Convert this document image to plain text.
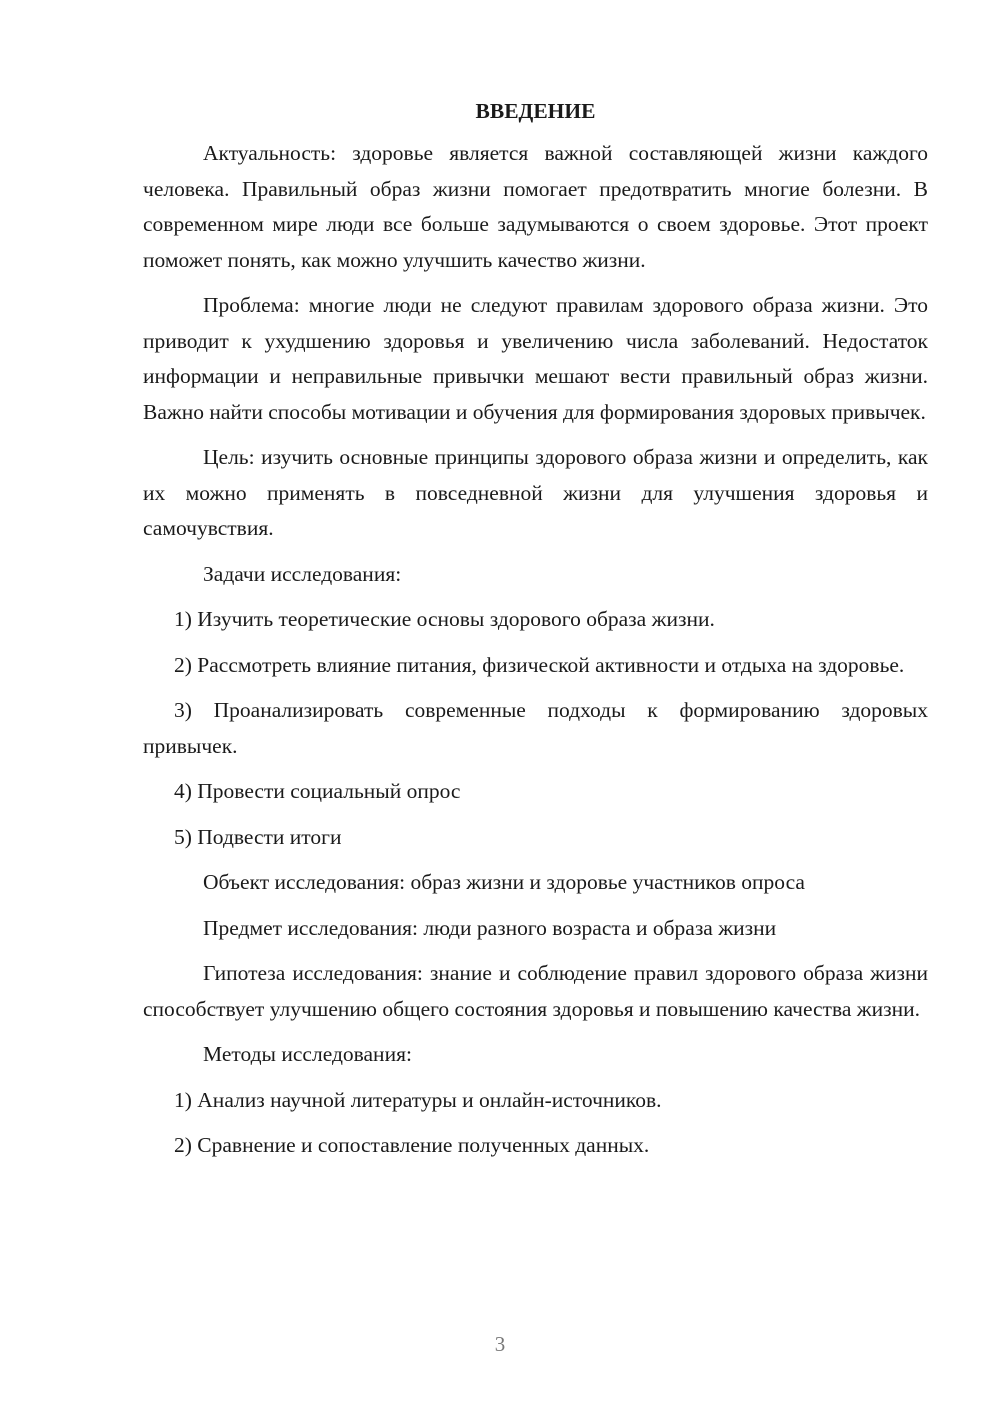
ВВЕДЕНИЕ

Актуальность: здоровье является важной составляющей жизни каждого человека. Правильный образ жизни помогает предотвратить многие болезни. В современном мире люди все больше задумываются о своем здоровье. Этот проект поможет понять, как можно улучшить качество жизни.

Проблема: многие люди не следуют правилам здорового образа жизни. Это приводит к ухудшению здоровья и увеличению числа заболеваний. Недостаток информации и неправильные привычки мешают вести правильный образ жизни. Важно найти способы мотивации и обучения для формирования здоровых привычек.

Цель: изучить основные принципы здорового образа жизни и определить, как их можно применять в повседневной жизни для улучшения здоровья и самочувствия.

Задачи исследования:

1) Изучить теоретические основы здорового образа жизни.

2) Рассмотреть влияние питания, физической активности и отдыха на здоровье.

3) Проанализировать современные подходы к формированию здоровых привычек.

4) Провести социальный опрос

5) Подвести итоги

Объект исследования: образ жизни и здоровье участников опроса

Предмет исследования: люди разного возраста и образа жизни

Гипотеза исследования: знание и соблюдение правил здорового образа жизни способствует улучшению общего состояния здоровья и повышению качества жизни.

Методы исследования:

1) Анализ научной литературы и онлайн-источников.

2) Сравнение и сопоставление полученных данных.

3
